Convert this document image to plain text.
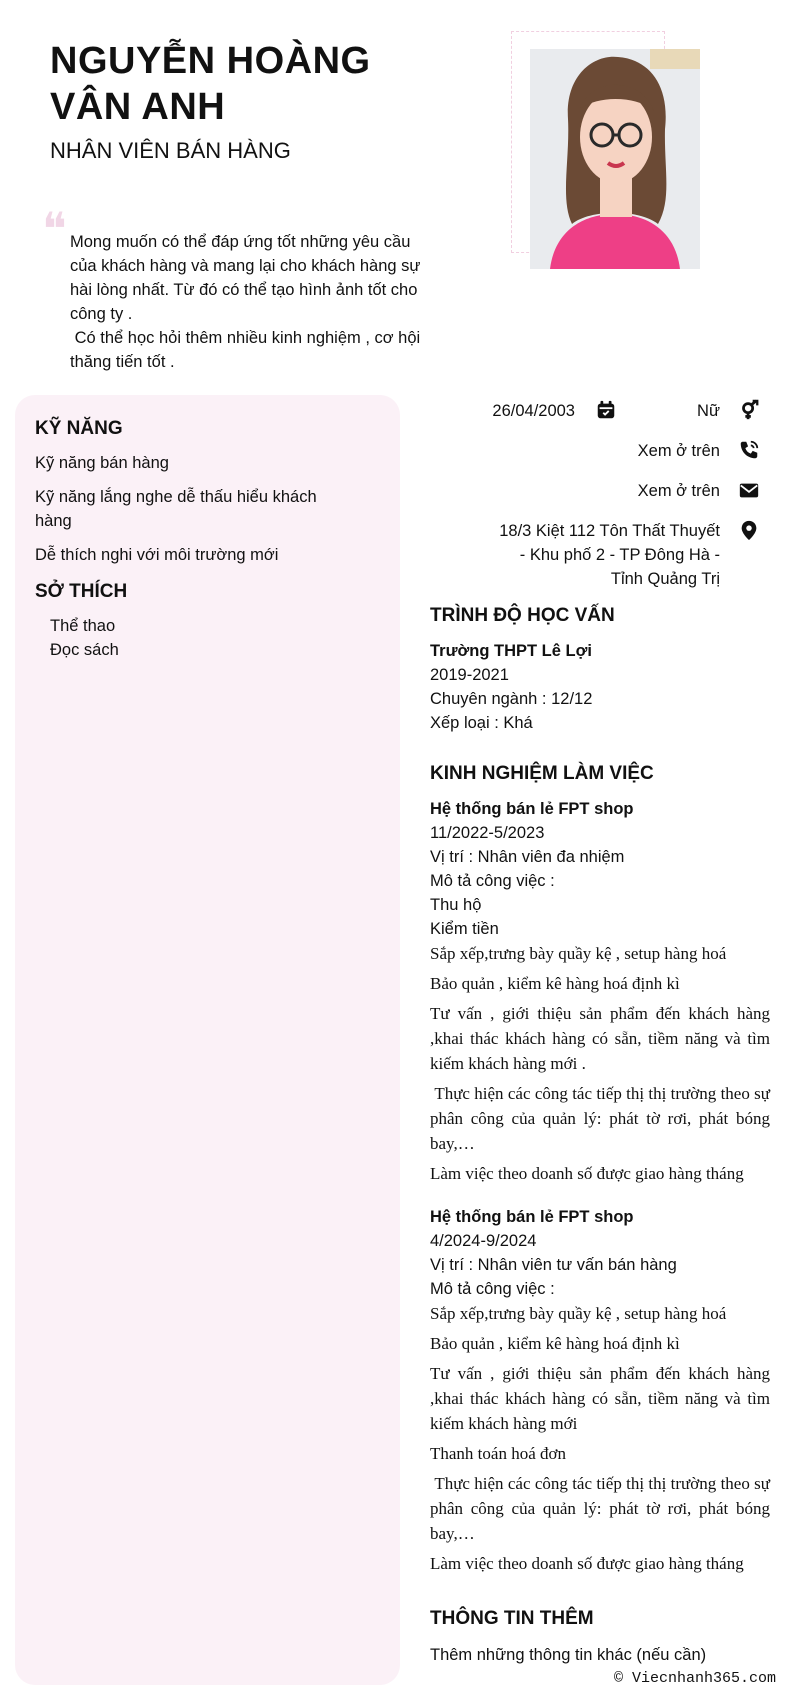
NGUYỄN HOÀNG VÂN ANH
NHÂN VIÊN BÁN HÀNG
❝ Mong muốn có thể đáp ứng tốt những yêu cầu của khách hàng và mang lại cho khách hàng sự hài lòng nhất. Từ đó có thể tạo hình ảnh tốt cho công ty .

Có thể học hỏi thêm nhiều kinh nghiệm , cơ hội thăng tiến tốt .

KỸ NĂNG
Kỹ năng bán hàng
Kỹ năng lắng nghe dễ thấu hiểu khách hàng
Dễ thích nghi với môi trường mới
SỞ THÍCH
Thể thao
Đọc sách
26/04/2003	Nữ
Xem ở trên
Xem ở trên
18/3 Kiệt 112 Tôn Thất Thuyết
- Khu phố 2 - TP Đông Hà -
Tỉnh Quảng Trị
TRÌNH ĐỘ HỌC VẤN
Trường THPT Lê Lợi
2019-2021
Chuyên ngành : 12/12
Xếp loại : Khá
KINH NGHIỆM LÀM VIỆC
Hệ thống bán lẻ FPT shop
11/2022-5/2023
Vị trí : Nhân viên đa nhiệm
Mô tả công việc :
Thu hộ
Kiểm tiền

Sắp xếp,trưng bày quầy kệ , setup hàng hoá

Bảo quản , kiểm kê hàng hoá định kì

Tư vấn , giới thiệu sản phẩm đến khách hàng ,khai thác khách hàng có sẵn, tiềm năng và tìm kiếm khách hàng mới .

Thực hiện các công tác tiếp thị thị trường theo sự phân công của quản lý: phát tờ rơi, phát bóng bay,…

Làm việc theo doanh số được giao hàng tháng

Hệ thống bán lẻ FPT shop
4/2024-9/2024
Vị trí : Nhân viên tư vấn bán hàng
Mô tả công việc :

Sắp xếp,trưng bày quầy kệ , setup hàng hoá

Bảo quản , kiểm kê hàng hoá định kì

Tư vấn , giới thiệu sản phẩm đến khách hàng ,khai thác khách hàng có sẵn, tiềm năng và tìm kiếm khách hàng mới

Thanh toán hoá đơn

Thực hiện các công tác tiếp thị thị trường theo sự phân công của quản lý: phát tờ rơi, phát bóng bay,…

Làm việc theo doanh số được giao hàng tháng

THÔNG TIN THÊM
Thêm những thông tin khác (nếu cần)
© Viecnhanh365.com
